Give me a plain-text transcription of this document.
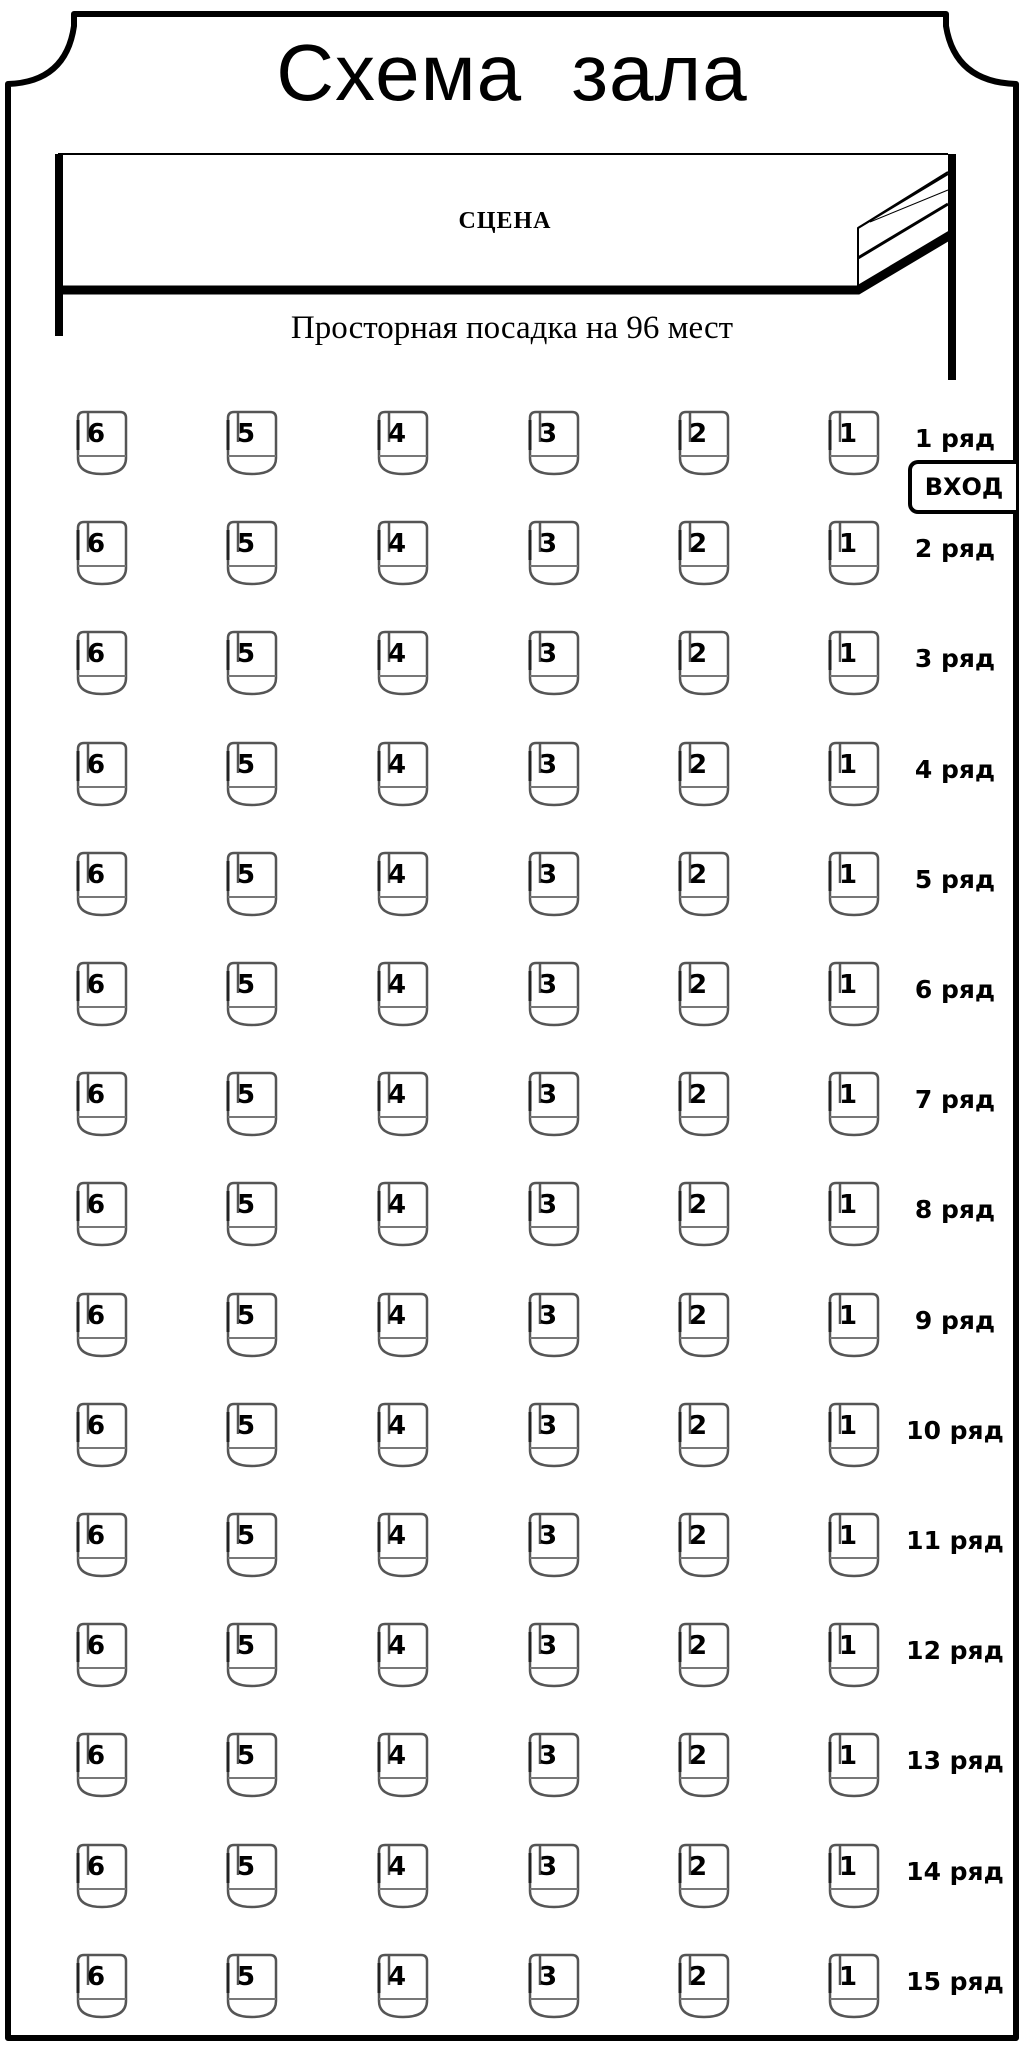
Схема зала
СЦЕНА
Просторная посадка на 96 мест
ВХОД
6	5	4	3	2	1	1 ряд
6	5	4	3	2	1	2 ряд
6	5	4	3	2	1	3 ряд
6	5	4	3	2	1	4 ряд
6	5	4	3	2	1	5 ряд
6	5	4	3	2	1	6 ряд
6	5	4	3	2	1	7 ряд
6	5	4	3	2	1	8 ряд
6	5	4	3	2	1	9 ряд
6	5	4	3	2	1	10 ряд
6	5	4	3	2	1	11 ряд
6	5	4	3	2	1	12 ряд
6	5	4	3	2	1	13 ряд
6	5	4	3	2	1	14 ряд
6	5	4	3	2	1	15 ряд
